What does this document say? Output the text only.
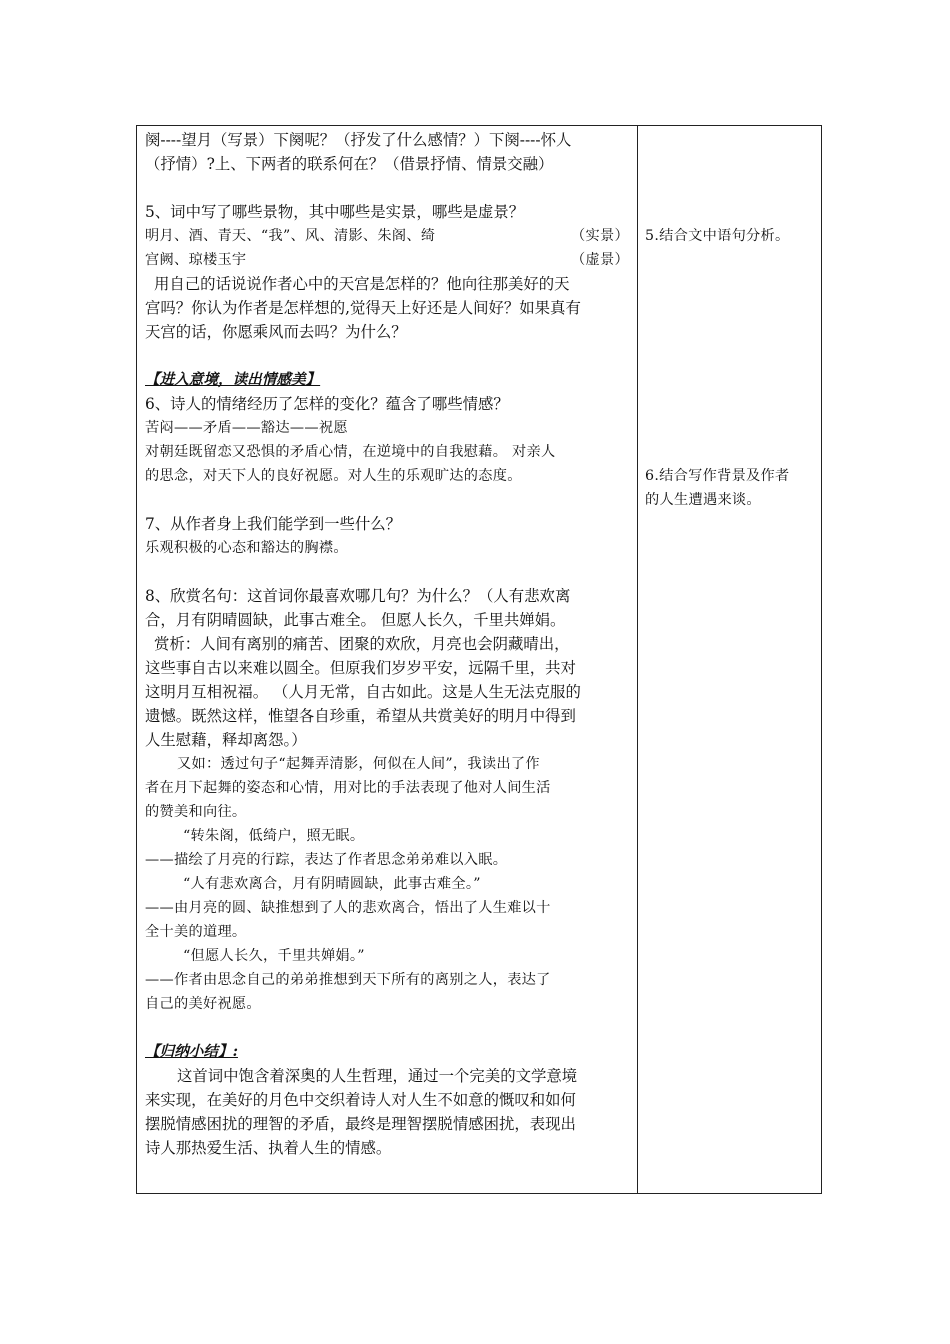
阕----望月（写景）下阕呢？（抒发了什么感情？）下阕----怀人
（抒情）?上、下两者的联系何在？（借景抒情、情景交融）
5、词中写了哪些景物，其中哪些是实景，哪些是虚景？
明月、酒、青天、“我”、风、清影、朱阁、绮	（实景）
宫阙、琼楼玉宇	（虚景）
用自己的话说说作者心中的天宫是怎样的？他向往那美好的天
宫吗？你认为作者是怎样想的,觉得天上好还是人间好？如果真有
天宫的话，你愿乘风而去吗？为什么？
【进入意境，读出情感美】
6、诗人的情绪经历了怎样的变化？蕴含了哪些情感？
苦闷——矛盾——豁达——祝愿
对朝廷既留恋又恐惧的矛盾心情，在逆境中的自我慰藉。 对亲人
的思念，对天下人的良好祝愿。对人生的乐观旷达的态度。
7、从作者身上我们能学到一些什么？
乐观积极的心态和豁达的胸襟。
8、欣赏名句：这首词你最喜欢哪几句？为什么？（人有悲欢离
合，月有阴晴圆缺，此事古难全。 但愿人长久，千里共婵娟。
赏析：人间有离别的痛苦、团聚的欢欣，月亮也会阴藏晴出，
这些事自古以来难以圆全。但原我们岁岁平安，远隔千里，共对
这明月互相祝福。 （人月无常，自古如此。这是人生无法克服的
遗憾。既然这样，惟望各自珍重，希望从共赏美好的明月中得到
人生慰藉，释却离怨。）
又如：透过句子“起舞弄清影，何似在人间”，我读出了作
者在月下起舞的姿态和心情，用对比的手法表现了他对人间生活
的赞美和向往。
“转朱阁，低绮户，照无眠。
——描绘了月亮的行踪，表达了作者思念弟弟难以入眠。
“人有悲欢离合，月有阴晴圆缺，此事古难全。”
——由月亮的圆、缺推想到了人的悲欢离合，悟出了人生难以十
全十美的道理。
“但愿人长久，千里共婵娟。”
——作者由思念自己的弟弟推想到天下所有的离别之人，表达了
自己的美好祝愿。
【归纳小结】:
这首词中饱含着深奥的人生哲理，通过一个完美的文学意境
来实现，在美好的月色中交织着诗人对人生不如意的慨叹和如何
摆脱情感困扰的理智的矛盾，最终是理智摆脱情感困扰，表现出
诗人那热爱生活、执着人生的情感。
5.结合文中语句分析。
6.结合写作背景及作者
的人生遭遇来谈。
